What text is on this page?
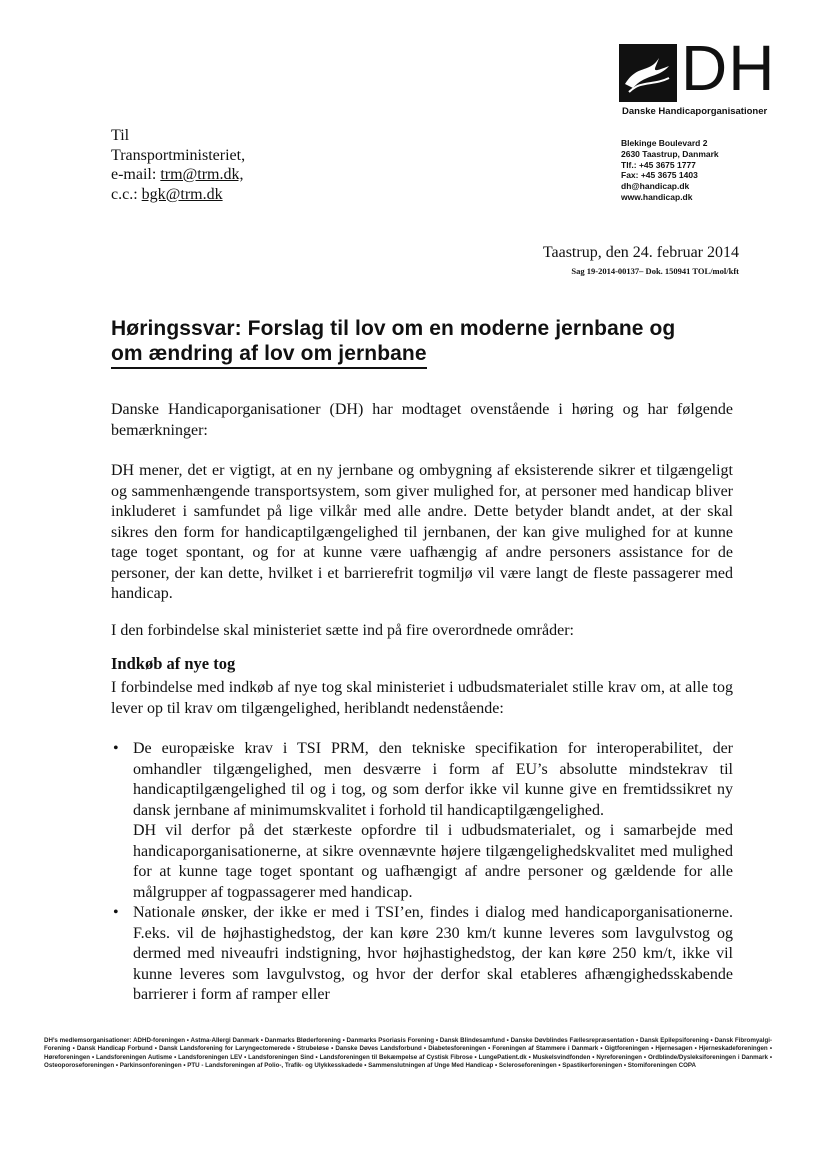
DH
Danske Handicaporganisationer
Blekinge Boulevard 2
2630 Taastrup, Danmark
Tlf.: +45 3675 1777
Fax: +45 3675 1403
dh@handicap.dk
www.handicap.dk
Til
Transportministeriet,
e-mail: trm@trm.dk,
c.c.: bgk@trm.dk
Taastrup, den 24. februar 2014
Sag 19-2014-00137– Dok. 150941 TOL/mol/kft
Høringssvar: Forslag til lov om en moderne jernbane og
om ændring af lov om jernbane
Danske Handicaporganisationer (DH) har modtaget ovenstående i høring og har følgende bemærkninger:
DH mener, det er vigtigt, at en ny jernbane og ombygning af eksisterende sikrer et tilgængeligt og sammenhængende transportsystem, som giver mulighed for, at personer med handicap bliver inkluderet i samfundet på lige vilkår med alle andre. Dette betyder blandt andet, at der skal sikres den form for handicaptilgængelighed til jernbanen, der kan give mulighed for at kunne tage toget spontant, og for at kunne være uafhængig af andre personers assistance for de personer, der kan dette, hvilket i et barrierefrit togmiljø vil være langt de fleste passagerer med handicap.
I den forbindelse skal ministeriet sætte ind på fire overordnede områder:
Indkøb af nye tog
I forbindelse med indkøb af nye tog skal ministeriet i udbudsmaterialet stille krav om, at alle tog lever op til krav om tilgængelighed, heriblandt nedenstående:
• De europæiske krav i TSI PRM, den tekniske specifikation for interoperabilitet, der omhandler tilgængelighed, men desværre i form af EU’s absolutte mindstekrav til handicaptilgængelighed til og i tog, og som derfor ikke vil kunne give en fremtidssikret ny dansk jernbane af minimumskvalitet i forhold til handicaptilgængelighed.

DH vil derfor på det stærkeste opfordre til i udbudsmaterialet, og i samarbejde med handicaporganisationerne, at sikre ovennævnte højere tilgængelighedskvalitet med mulighed for at kunne tage toget spontant og uafhængigt af andre personer og gældende for alle målgrupper af togpassagerer med handicap.

• Nationale ønsker, der ikke er med i TSI’en, findes i dialog med handicaporganisationerne. F.eks. vil de højhastighedstog, der kan køre 230 km/t kunne leveres som lavgulvstog og dermed med niveaufri indstigning, hvor højhastighedstog, der kan køre 250 km/t, ikke vil kunne leveres som lavgulvstog, og hvor der derfor skal etableres afhængighedsskabende barrierer i form af ramper eller

DH’s medlemsorganisationer: ADHD-foreningen • Astma-Allergi Danmark • Danmarks Bløderforening • Danmarks Psoriasis Forening • Dansk Blindesamfund • Danske Døvblindes Fællesrepræsentation • Dansk Epilepsiforening • Dansk Fibromyalgi-Forening • Dansk Handicap Forbund • Dansk Landsforening for Laryngectomerede • Strubeløse • Danske Døves Landsforbund • Diabetesforeningen • Foreningen af Stammere i Danmark • Gigtforeningen • Hjernesagen • Hjerneskadeforeningen • Høreforeningen • Landsforeningen Autisme • Landsforeningen LEV • Landsforeningen Sind • Landsforeningen til Bekæmpelse af Cystisk Fibrose • LungePatient.dk • Muskelsvindfonden • Nyreforeningen • Ordblinde/Dysleksiforeningen i Danmark • Osteoporoseforeningen • Parkinsonforeningen • PTU - Landsforeningen af Polio-, Trafik- og Ulykkesskadede • Sammenslutningen af Unge Med Handicap • Scleroseforeningen • Spastikerforeningen • Stomiforeningen COPA
